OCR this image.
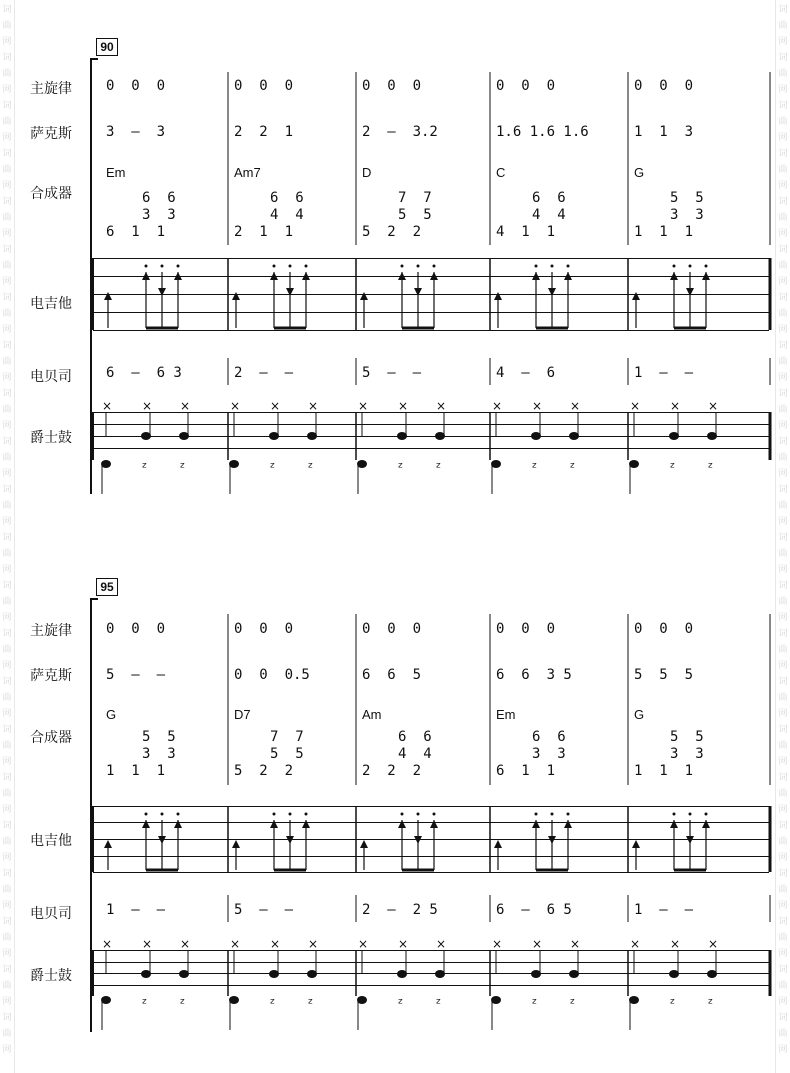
词
曲
网
词
曲
网
词
曲
网
词
曲
网
词
曲
网
词
曲
网
词
曲
网
词
曲
网
词
曲
网
词
曲
网
词
曲
网
词
曲
网
词
曲
网
词
曲
网
词
曲
网
词
曲
网
词
曲
网
词
曲
网
词
曲
网
词
曲
网
词
曲
网
词
曲
网
词
曲
网
词
曲
网
词
曲
网
词
曲
网
词
曲
网
词
曲
网
词
曲
网
词
曲
网
词
曲
网
词
曲
网
词
曲
网
词
曲
网
词
曲
网
词
曲
网
词
曲
网
词
曲
网
词
曲
网
词
曲
网
词
曲
网
词
曲
网
词
曲
网
词
曲
网
90
主旋律
萨克斯
合成器
电吉他
电贝司
爵士鼓
× × ×
ᶻ ᶻ
× × ×
ᶻ ᶻ
× × ×
ᶻ ᶻ
× × ×
ᶻ ᶻ
× × ×
ᶻ ᶻ
95
主旋律
萨克斯
合成器
电吉他
电贝司
爵士鼓
× × ×
ᶻ ᶻ
× × ×
ᶻ ᶻ
× × ×
ᶻ ᶻ
× × ×
ᶻ ᶻ
× × ×
ᶻ ᶻ
0  0  0	0  0  0	0  0  0	0  0  0	0  0  0
3  —  3	2  2  1	2  —  3.2	1.6 1.6 1.6	1  1  3
Em	Am7	D	C	G
6  6	6  6	7  7	6  6	5  5
3  3	4  4	5  5	4  4	3  3
6  1  1	2  1  1	5  2  2	4  1  1	1  1  1
6  —  6 3	2  —  —	5  —  —	4  —  6	1  —  —
0  0  0	0  0  0	0  0  0	0  0  0	0  0  0
5  —  —	0  0  0.5	6  6  5	6  6  3 5	5  5  5
G	D7	Am	Em	G
5  5	7  7	6  6	6  6	5  5
3  3	5  5	4  4	3  3	3  3
1  1  1	5  2  2	2  2  2	6  1  1	1  1  1
1  —  —	5  —  —	2  —  2 5	6  —  6 5	1  —  —
